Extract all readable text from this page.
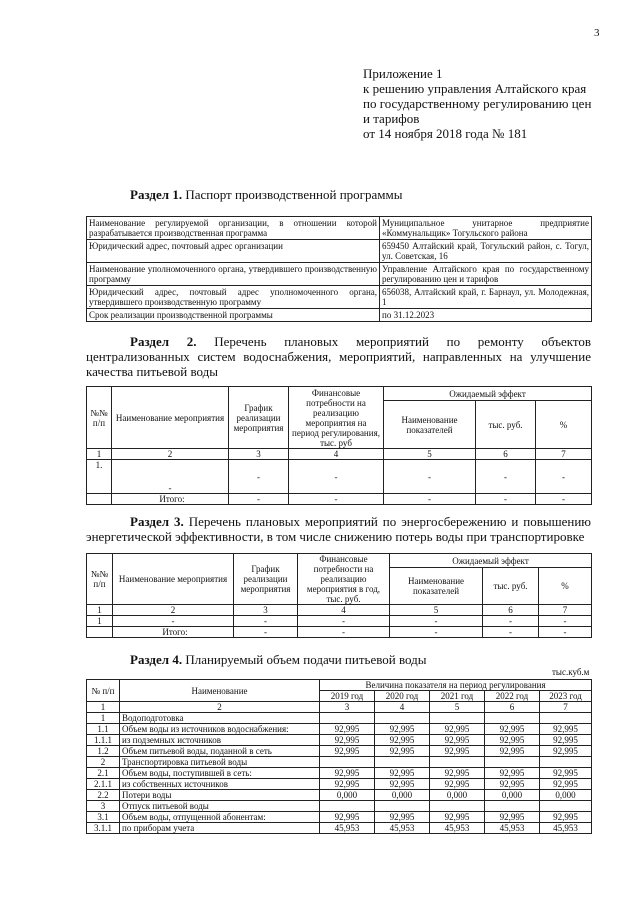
3
Приложение 1
к решению управления Алтайского края
по государственному регулированию цен
и тарифов
от 14 ноября 2018 года № 181
Раздел 1. Паспорт производственной программы
Наименование регулируемой организации, в отношении которой разрабатывается производственная программа	Муниципальное унитарное предприятие «Коммунальщик» Тогульского района
Юридический адрес, почтовый адрес организации	659450 Алтайский край, Тогульский район, с. Тогул, ул. Советская, 16
Наименование уполномоченного органа, утвердившего производственную программу	Управление Алтайского края по государственному регулированию цен и тарифов
Юридический адрес, почтовый адрес уполномоченного органа, утвердившего производственную программу	656038, Алтайский край, г. Барнаул, ул. Молодежная, 1
Срок реализации производственной программы	по 31.12.2023
Раздел 2. Перечень плановых мероприятий по ремонту объектов централизованных систем водоснабжения, мероприятий, направленных на улучшение качества питьевой воды
№№ п/п	Наименование мероприятия	График реализации мероприятия	Финансовые потребности на реализацию мероприятия на период регулирования, тыс. руб	Ожидаемый эффект		
				Наименование показателей	тыс. руб.	%
1	2	3	4	5	6	7
1.	-	-	-	-	-	-
	Итого:	-	-	-	-	-
Раздел 3. Перечень плановых мероприятий по энергосбережению и повышению энергетической эффективности, в том числе снижению потерь воды при транспортировке
№№ п/п	Наименование мероприятия	График реализации мероприятия	Финансовые потребности на реализацию мероприятия в год, тыс. руб.	Ожидаемый эффект		
				Наименование показателей	тыс. руб.	%
1	2	3	4	5	6	7
1	-	-	-	-	-	-
	Итого:	-	-	-	-	-
Раздел 4. Планируемый объем подачи питьевой воды
тыс.куб.м
№ п/п	Наименование	Величина показателя на период регулирования				
		2019 год	2020 год	2021 год	2022 год	2023 год
1	2	3	4	5	6	7
1	Водоподготовка					
1.1	Объем воды из источников водоснабжения:	92,995	92,995	92,995	92,995	92,995
1.1.1	из подземных источников	92,995	92,995	92,995	92,995	92,995
1.2	Объем питьевой воды, поданной в сеть	92,995	92,995	92,995	92,995	92,995
2	Транспортировка питьевой воды					
2.1	Объем воды, поступившей в сеть:	92,995	92,995	92,995	92,995	92,995
2.1.1	из собственных источников	92,995	92,995	92,995	92,995	92,995
2.2	Потери воды	0,000	0,000	0,000	0,000	0,000
3	Отпуск питьевой воды					
3.1	Объем воды, отпущенной абонентам:	92,995	92,995	92,995	92,995	92,995
3.1.1	по приборам учета	45,953	45,953	45,953	45,953	45,953
